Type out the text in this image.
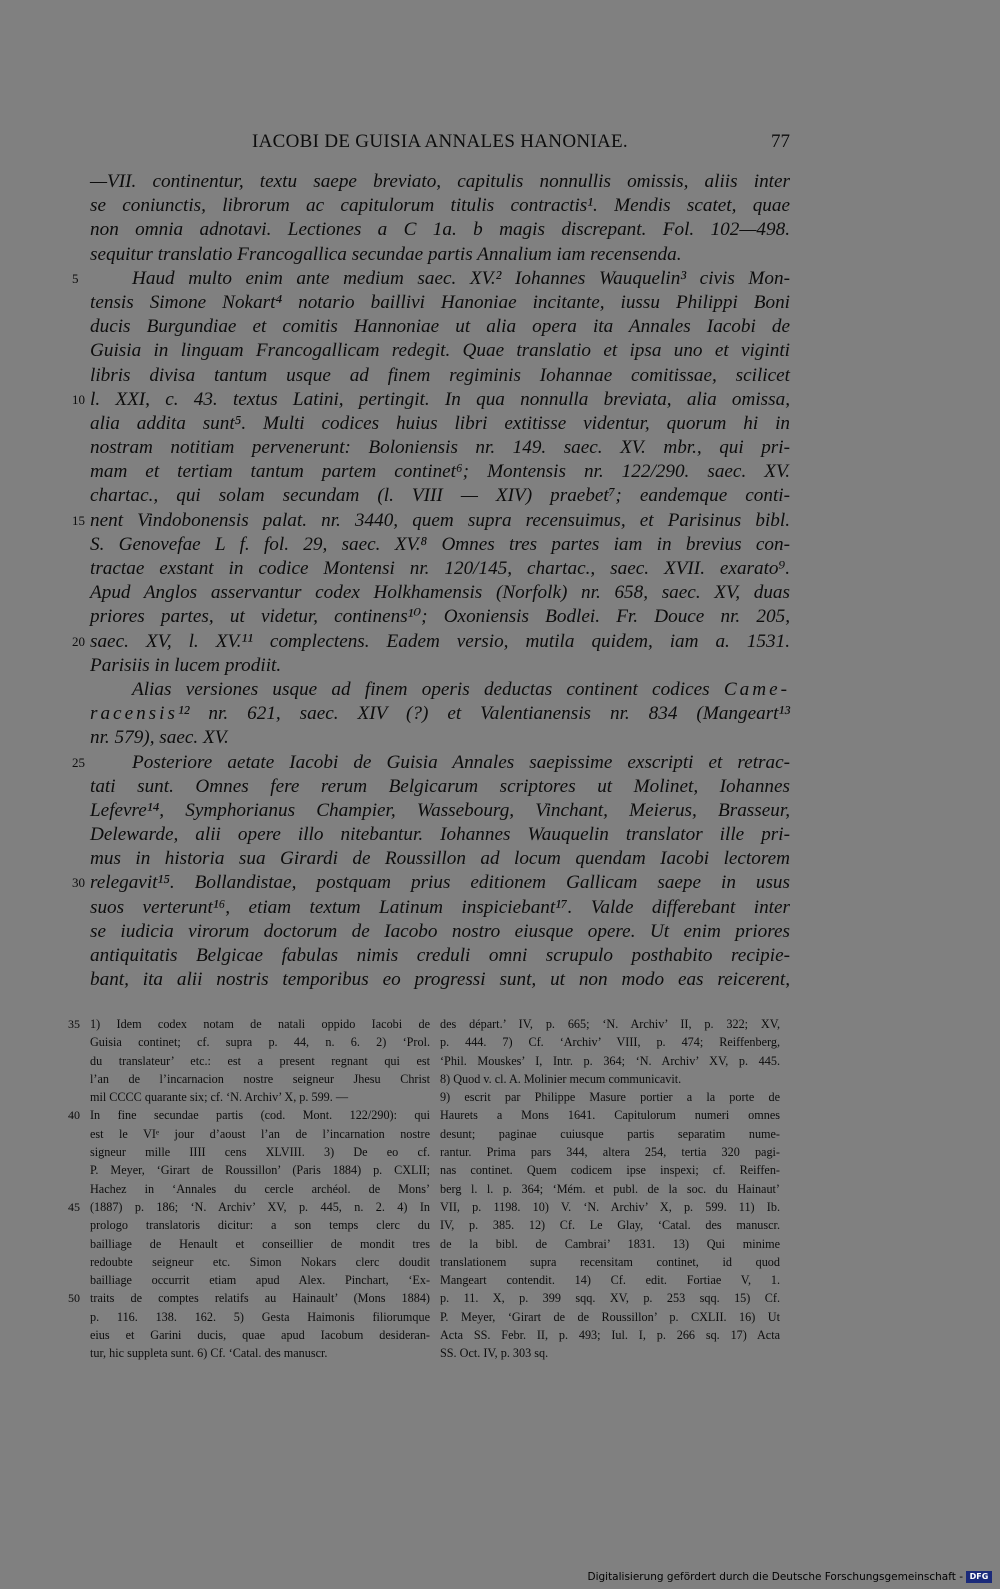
IACOBI DE GUISIA ANNALES HANONIAE.	77
—VII. continentur, textu saepe breviato, capitulis nonnullis omissis, aliis inter
se coniunctis, librorum ac capitulorum titulis contractis¹. Mendis scatet, quae
non omnia adnotavi. Lectiones a C 1a. b magis discrepant. Fol. 102—498.
sequitur translatio Francogallica secundae partis Annalium iam recensenda.
5	Haud multo enim ante medium saec. XV.² Iohannes Wauquelin³ civis Mon-
tensis Simone Nokart⁴ notario baillivi Hanoniae incitante, iussu Philippi Boni
ducis Burgundiae et comitis Hannoniae ut alia opera ita Annales Iacobi de
Guisia in linguam Francogallicam redegit. Quae translatio et ipsa uno et viginti
libris divisa tantum usque ad finem regiminis Iohannae comitissae, scilicet
10 l. XXI, c. 43. textus Latini, pertingit. In qua nonnulla breviata, alia omissa,
alia addita sunt⁵. Multi codices huius libri extitisse videntur, quorum hi in
nostram notitiam pervenerunt: Boloniensis nr. 149. saec. XV. mbr., qui pri-
mam et tertiam tantum partem continet⁶; Montensis nr. 122/290. saec. XV.
chartac., qui solam secundam (l. VIII — XIV) praebet⁷; eandemque conti-
15 nent Vindobonensis palat. nr. 3440, quem supra recensuimus, et Parisinus bibl.
S. Genovefae L f. fol. 29, saec. XV.⁸ Omnes tres partes iam in brevius con-
tractae exstant in codice Montensi nr. 120/145, chartac., saec. XVII. exarato⁹.
Apud Anglos asservantur codex Holkhamensis (Norfolk) nr. 658, saec. XV, duas
priores partes, ut videtur, continens¹⁰; Oxoniensis Bodlei. Fr. Douce nr. 205,
20 saec. XV, l. XV.¹¹ complectens. Eadem versio, mutila quidem, iam a. 1531.
Parisiis in lucem prodiit.
Alias versiones usque ad finem operis deductas continent codices Came-
racensis¹² nr. 621, saec. XIV (?) et Valentianensis nr. 834 (Mangeart¹³
nr. 579), saec. XV.
25 Posteriore aetate Iacobi de Guisia Annales saepissime exscripti et retrac-
tati sunt. Omnes fere rerum Belgicarum scriptores ut Molinet, Iohannes
Lefevre¹⁴, Symphorianus Champier, Wassebourg, Vinchant, Meierus, Brasseur,
Delewarde, alii opere illo nitebantur. Iohannes Wauquelin translator ille pri-
mus in historia sua Girardi de Roussillon ad locum quendam Iacobi lectorem
30 relegavit¹⁵. Bollandistae, postquam prius editionem Gallicam saepe in usus
suos verterunt¹⁶, etiam textum Latinum inspiciebant¹⁷. Valde differebant inter
se iudicia virorum doctorum de Iacobo nostro eiusque opere. Ut enim priores
antiquitatis Belgicae fabulas nimis creduli omni scrupulo posthabito recipie-
bant, ita alii nostris temporibus eo progressi sunt, ut non modo eas reicerent,
35 1) Idem codex notam de natali oppido Iacobi de
Guisia continet; cf. supra p. 44, n. 6. 2) ‘Prol.
du translateur’ etc.: est a present regnant qui est
l’an de l’incarnacion nostre seigneur Jhesu Christ
mil CCCC quarante six; cf. ‘N. Archiv’ X, p. 599. —
40 In fine secundae partis (cod. Mont. 122/290): qui
est le VIᵉ jour d’aoust l’an de l’incarnation nostre
signeur mille IIII cens XLVIII. 3) De eo cf.
P. Meyer, ‘Girart de Roussillon’ (Paris 1884) p. CXLII;
Hachez in ‘Annales du cercle archéol. de Mons’
45 (1887) p. 186; ‘N. Archiv’ XV, p. 445, n. 2. 4) In
prologo translatoris dicitur: a son temps clerc du
bailliage de Henault et conseillier de mondit tres
redoubte seigneur etc. Simon Nokars clerc doudit
bailliage occurrit etiam apud Alex. Pinchart, ‘Ex-
50 traits de comptes relatifs au Hainault’ (Mons 1884)
p. 116. 138. 162. 5) Gesta Haimonis filiorumque
eius et Garini ducis, quae apud Iacobum desideran-
tur, hic suppleta sunt. 6) Cf. ‘Catal. des manuscr.
des départ.’ IV, p. 665; ‘N. Archiv’ II, p. 322; XV,
p. 444. 7) Cf. ‘Archiv’ VIII, p. 474; Reiffenberg,
‘Phil. Mouskes’ I, Intr. p. 364; ‘N. Archiv’ XV, p. 445.
8) Quod v. cl. A. Molinier mecum communicavit.
9) escrit par Philippe Masure portier a la porte de
Haurets a Mons 1641. Capitulorum numeri omnes
desunt; paginae cuiusque partis separatim nume-
rantur. Prima pars 344, altera 254, tertia 320 pagi-
nas continet. Quem codicem ipse inspexi; cf. Reiffen-
berg l. l. p. 364; ‘Mém. et publ. de la soc. du Hainaut’
VII, p. 1198. 10) V. ‘N. Archiv’ X, p. 599. 11) Ib.
IV, p. 385. 12) Cf. Le Glay, ‘Catal. des manuscr.
de la bibl. de Cambrai’ 1831. 13) Qui minime
translationem supra recensitam continet, id quod
Mangeart contendit. 14) Cf. edit. Fortiae V, 1.
p. 11. X, p. 399 sqq. XV, p. 253 sqq. 15) Cf.
P. Meyer, ‘Girart de de Roussillon’ p. CXLII. 16) Ut
Acta SS. Febr. II, p. 493; Iul. I, p. 266 sq. 17) Acta
SS. Oct. IV, p. 303 sq.
Digitalisierung gefördert durch die Deutsche Forschungsgemeinschaft - DFG
